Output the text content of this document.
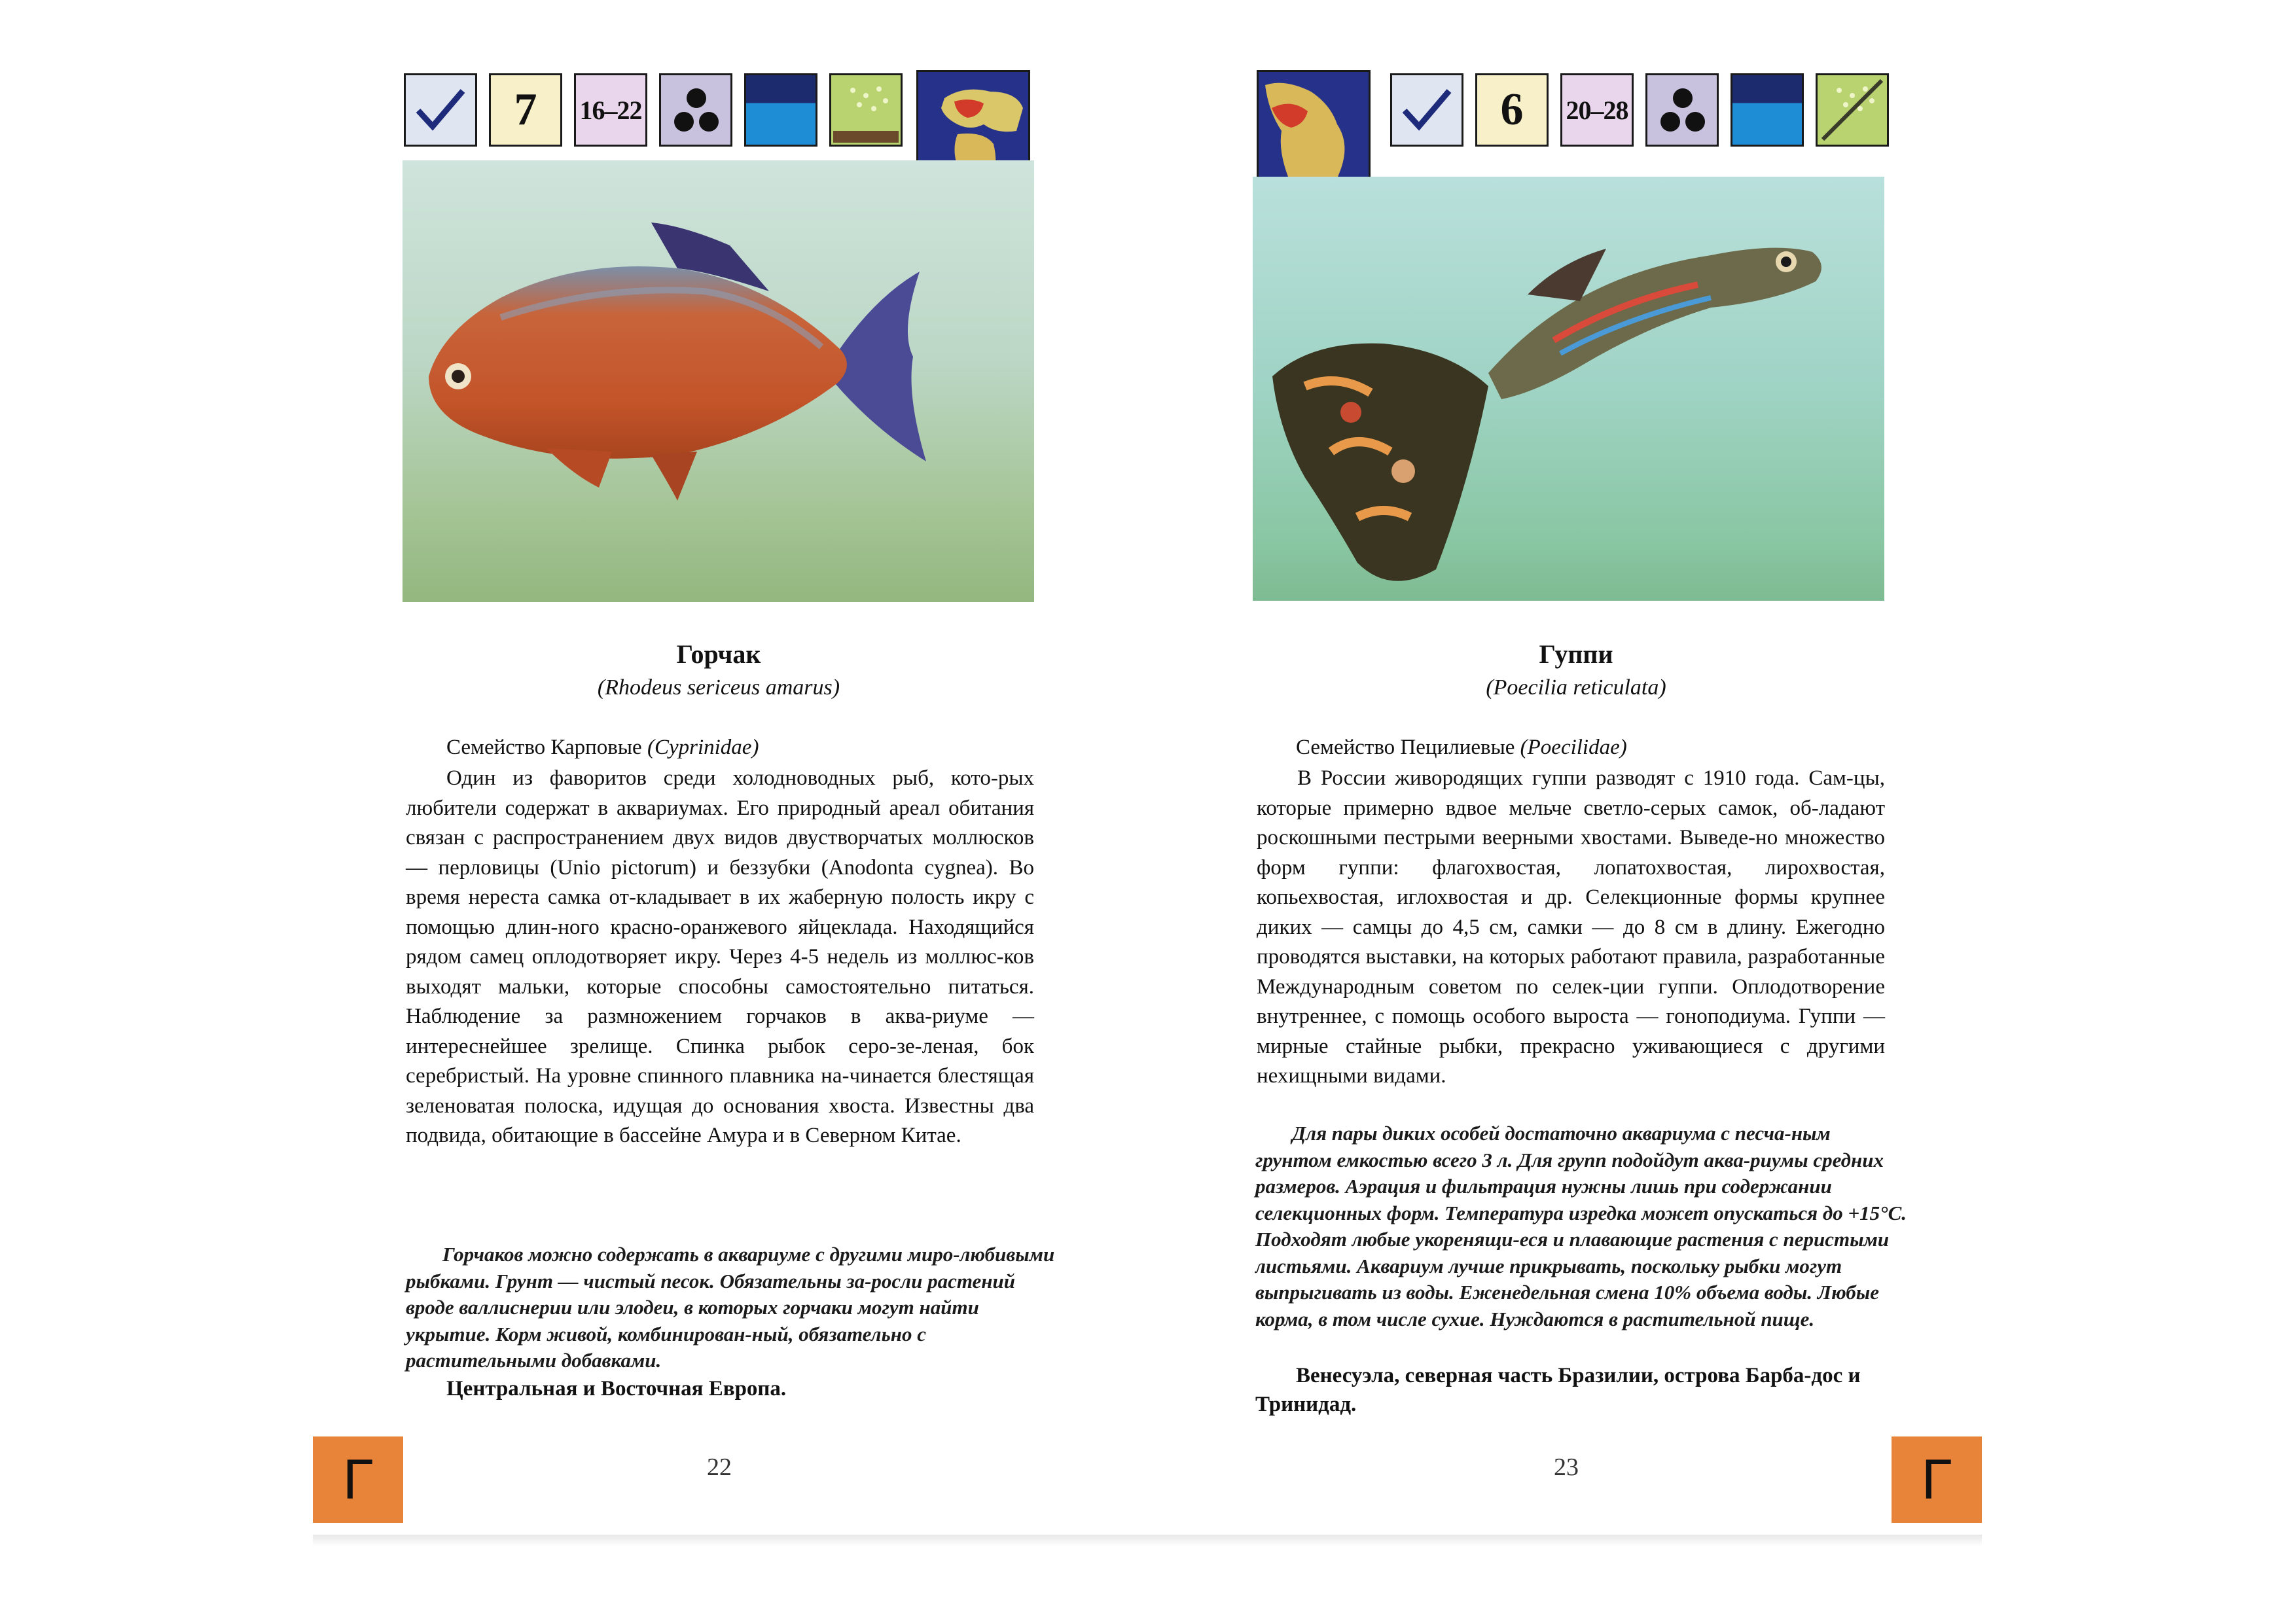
7	16–22
Горчак
(Rhodeus sericeus amarus)
Семейство Карповые (Cyprinidae)

Один из фаворитов среди холодноводных рыб, кото-рых любители содержат в аквариумах. Его природный ареал обитания связан с распространением двух видов двустворчатых моллюсков — перловицы (Unio pictorum) и беззубки (Anodonta cygnea). Во время нереста самка от-кладывает в их жаберную полость икру с помощью длин-ного красно-оранжевого яйцеклада. Находящийся рядом самец оплодотворяет икру. Через 4-5 недель из моллюс-ков выходят мальки, которые способны самостоятельно питаться. Наблюдение за размножением горчаков в аква-риуме — интереснейшее зрелище. Спинка рыбок серо-зе-леная, бок серебристый. На уровне спинного плавника на-чинается блестящая зеленоватая полоска, идущая до основания хвоста. Известны два подвида, обитающие в бассейне Амура и в Северном Китае.

Горчаков можно содержать в аквариуме с другими миро-любивыми рыбками. Грунт — чистый песок. Обязательны за-росли растений вроде валлиснерии или элодеи, в которых горчаки могут найти укрытие. Корм живой, комбинирован-ный, обязательно с растительными добавками.

Центральная и Восточная Европа.

22
Г
6	20–28
Гуппи
(Poecilia reticulata)
Семейство Пецилиевые (Poecilidae)

В России живородящих гуппи разводят с 1910 года. Сам-цы, которые примерно вдвое мельче светло-серых самок, об-ладают роскошными пестрыми веерными хвостами. Выведе-но множество форм гуппи: флагохвостая, лопатохвостая, лирохвостая, копьехвостая, иглохвостая и др. Селекционные формы крупнее диких — самцы до 4,5 см, самки — до 8 см в длину. Ежегодно проводятся выставки, на которых работают правила, разработанные Международным советом по селек-ции гуппи. Оплодотворение внутреннее, с помощь особого выроста — гоноподиума. Гуппи — мирные стайные рыбки, прекрасно уживающиеся с другими нехищными видами.

Для пары диких особей достаточно аквариума с песча-ным грунтом емкостью всего 3 л. Для групп подойдут аква-риумы средних размеров. Аэрация и фильтрация нужны лишь при содержании селекционных форм. Температура изредка может опускаться до +15°С. Подходят любые укоренящи-еся и плавающие растения с перистыми листьями. Аквариум лучше прикрывать, поскольку рыбки могут выпрыгивать из воды. Еженедельная смена 10% объема воды. Любые корма, в том числе сухие. Нуждаются в растительной пище.

Венесуэла, северная часть Бразилии, острова Барба-дос и Тринидад.

23	Г
